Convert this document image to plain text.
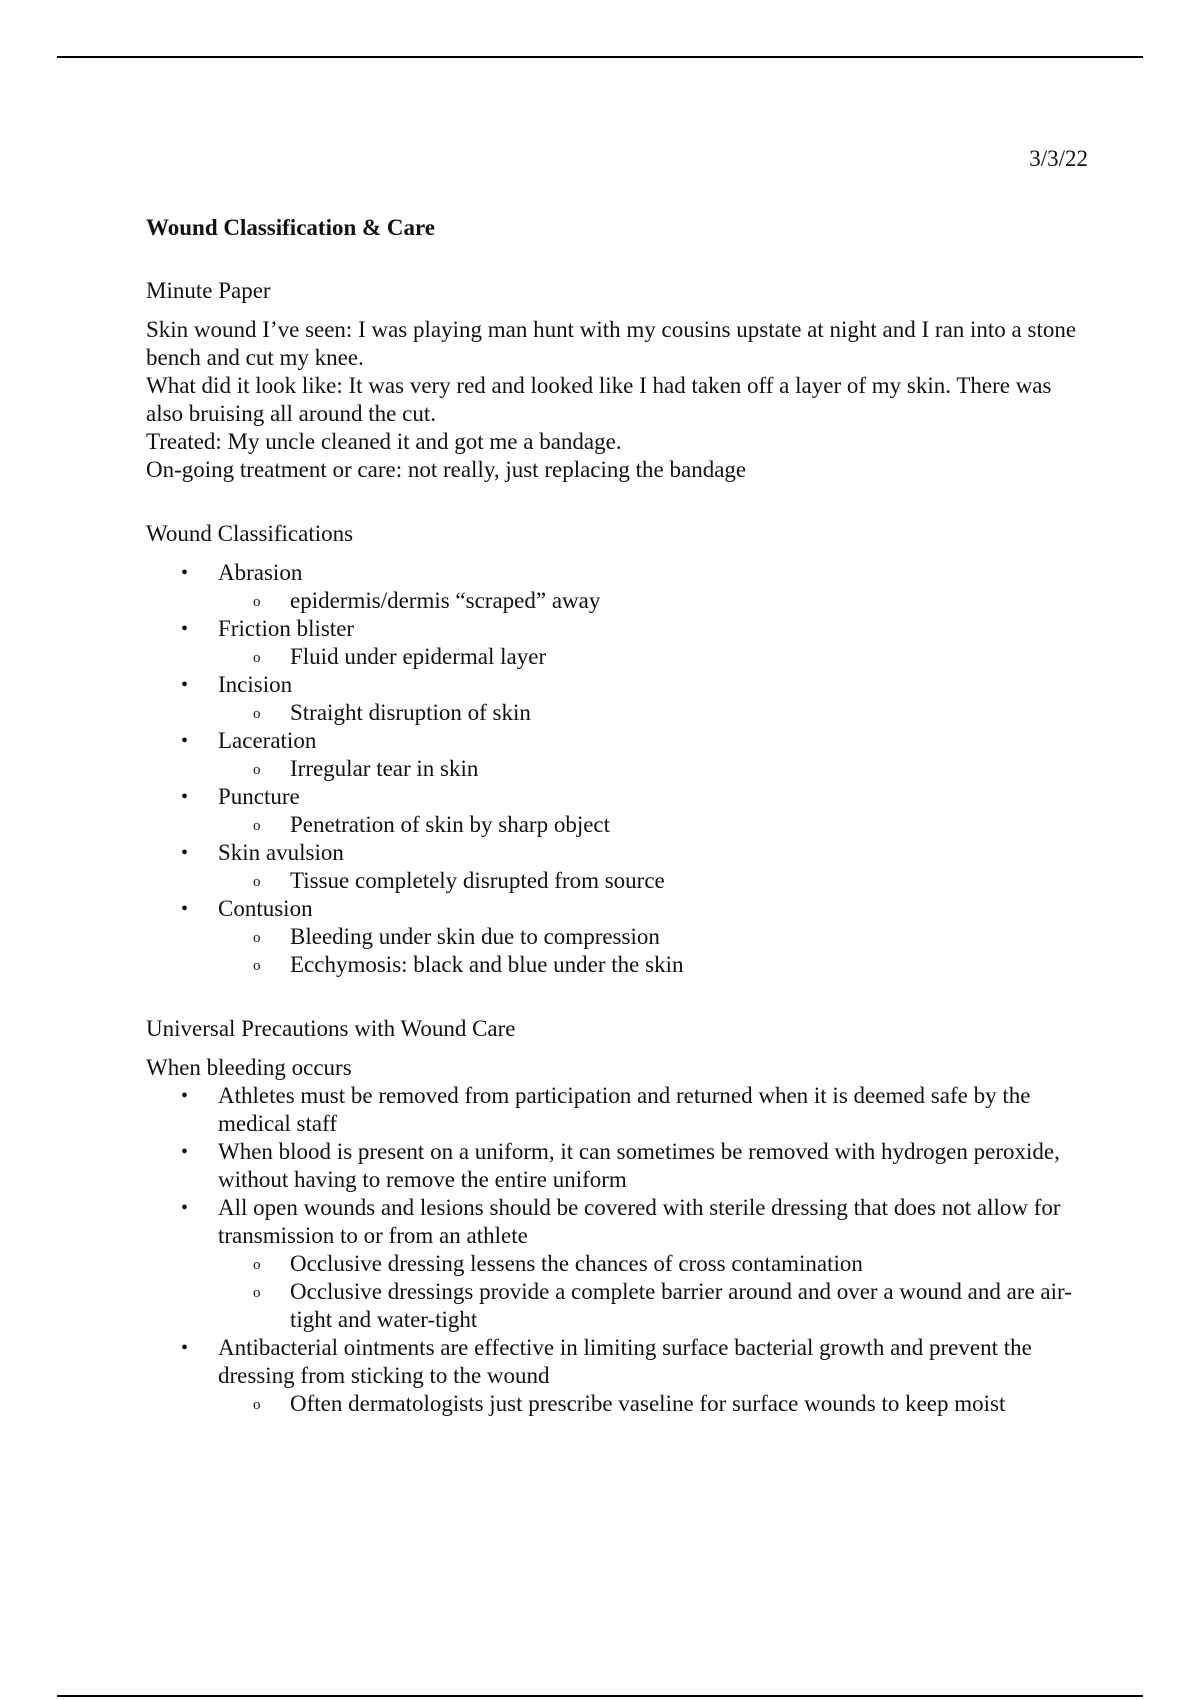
3/3/22

Wound Classification & Care

Minute Paper

Skin wound I’ve seen: I was playing man hunt with my cousins upstate at night and I ran into a stone bench and cut my knee.

What did it look like: It was very red and looked like I had taken off a layer of my skin. There was also bruising all around the cut.

Treated: My uncle cleaned it and got me a bandage.

On-going treatment or care: not really, just replacing the bandage

Wound Classifications

• Abrasion
o epidermis/dermis “scraped” away
• Friction blister
o Fluid under epidermal layer
• Incision
o Straight disruption of skin
• Laceration
o Irregular tear in skin
• Puncture
o Penetration of skin by sharp object
• Skin avulsion
o Tissue completely disrupted from source
• Contusion
o Bleeding under skin due to compression
o Ecchymosis: black and blue under the skin

Universal Precautions with Wound Care

When bleeding occurs

• Athletes must be removed from participation and returned when it is deemed safe by the medical staff
• When blood is present on a uniform, it can sometimes be removed with hydrogen peroxide, without having to remove the entire uniform
• All open wounds and lesions should be covered with sterile dressing that does not allow for transmission to or from an athlete
o Occlusive dressing lessens the chances of cross contamination
o Occlusive dressings provide a complete barrier around and over a wound and are air-tight and water-tight
• Antibacterial ointments are effective in limiting surface bacterial growth and prevent the dressing from sticking to the wound
o Often dermatologists just prescribe vaseline for surface wounds to keep moist
